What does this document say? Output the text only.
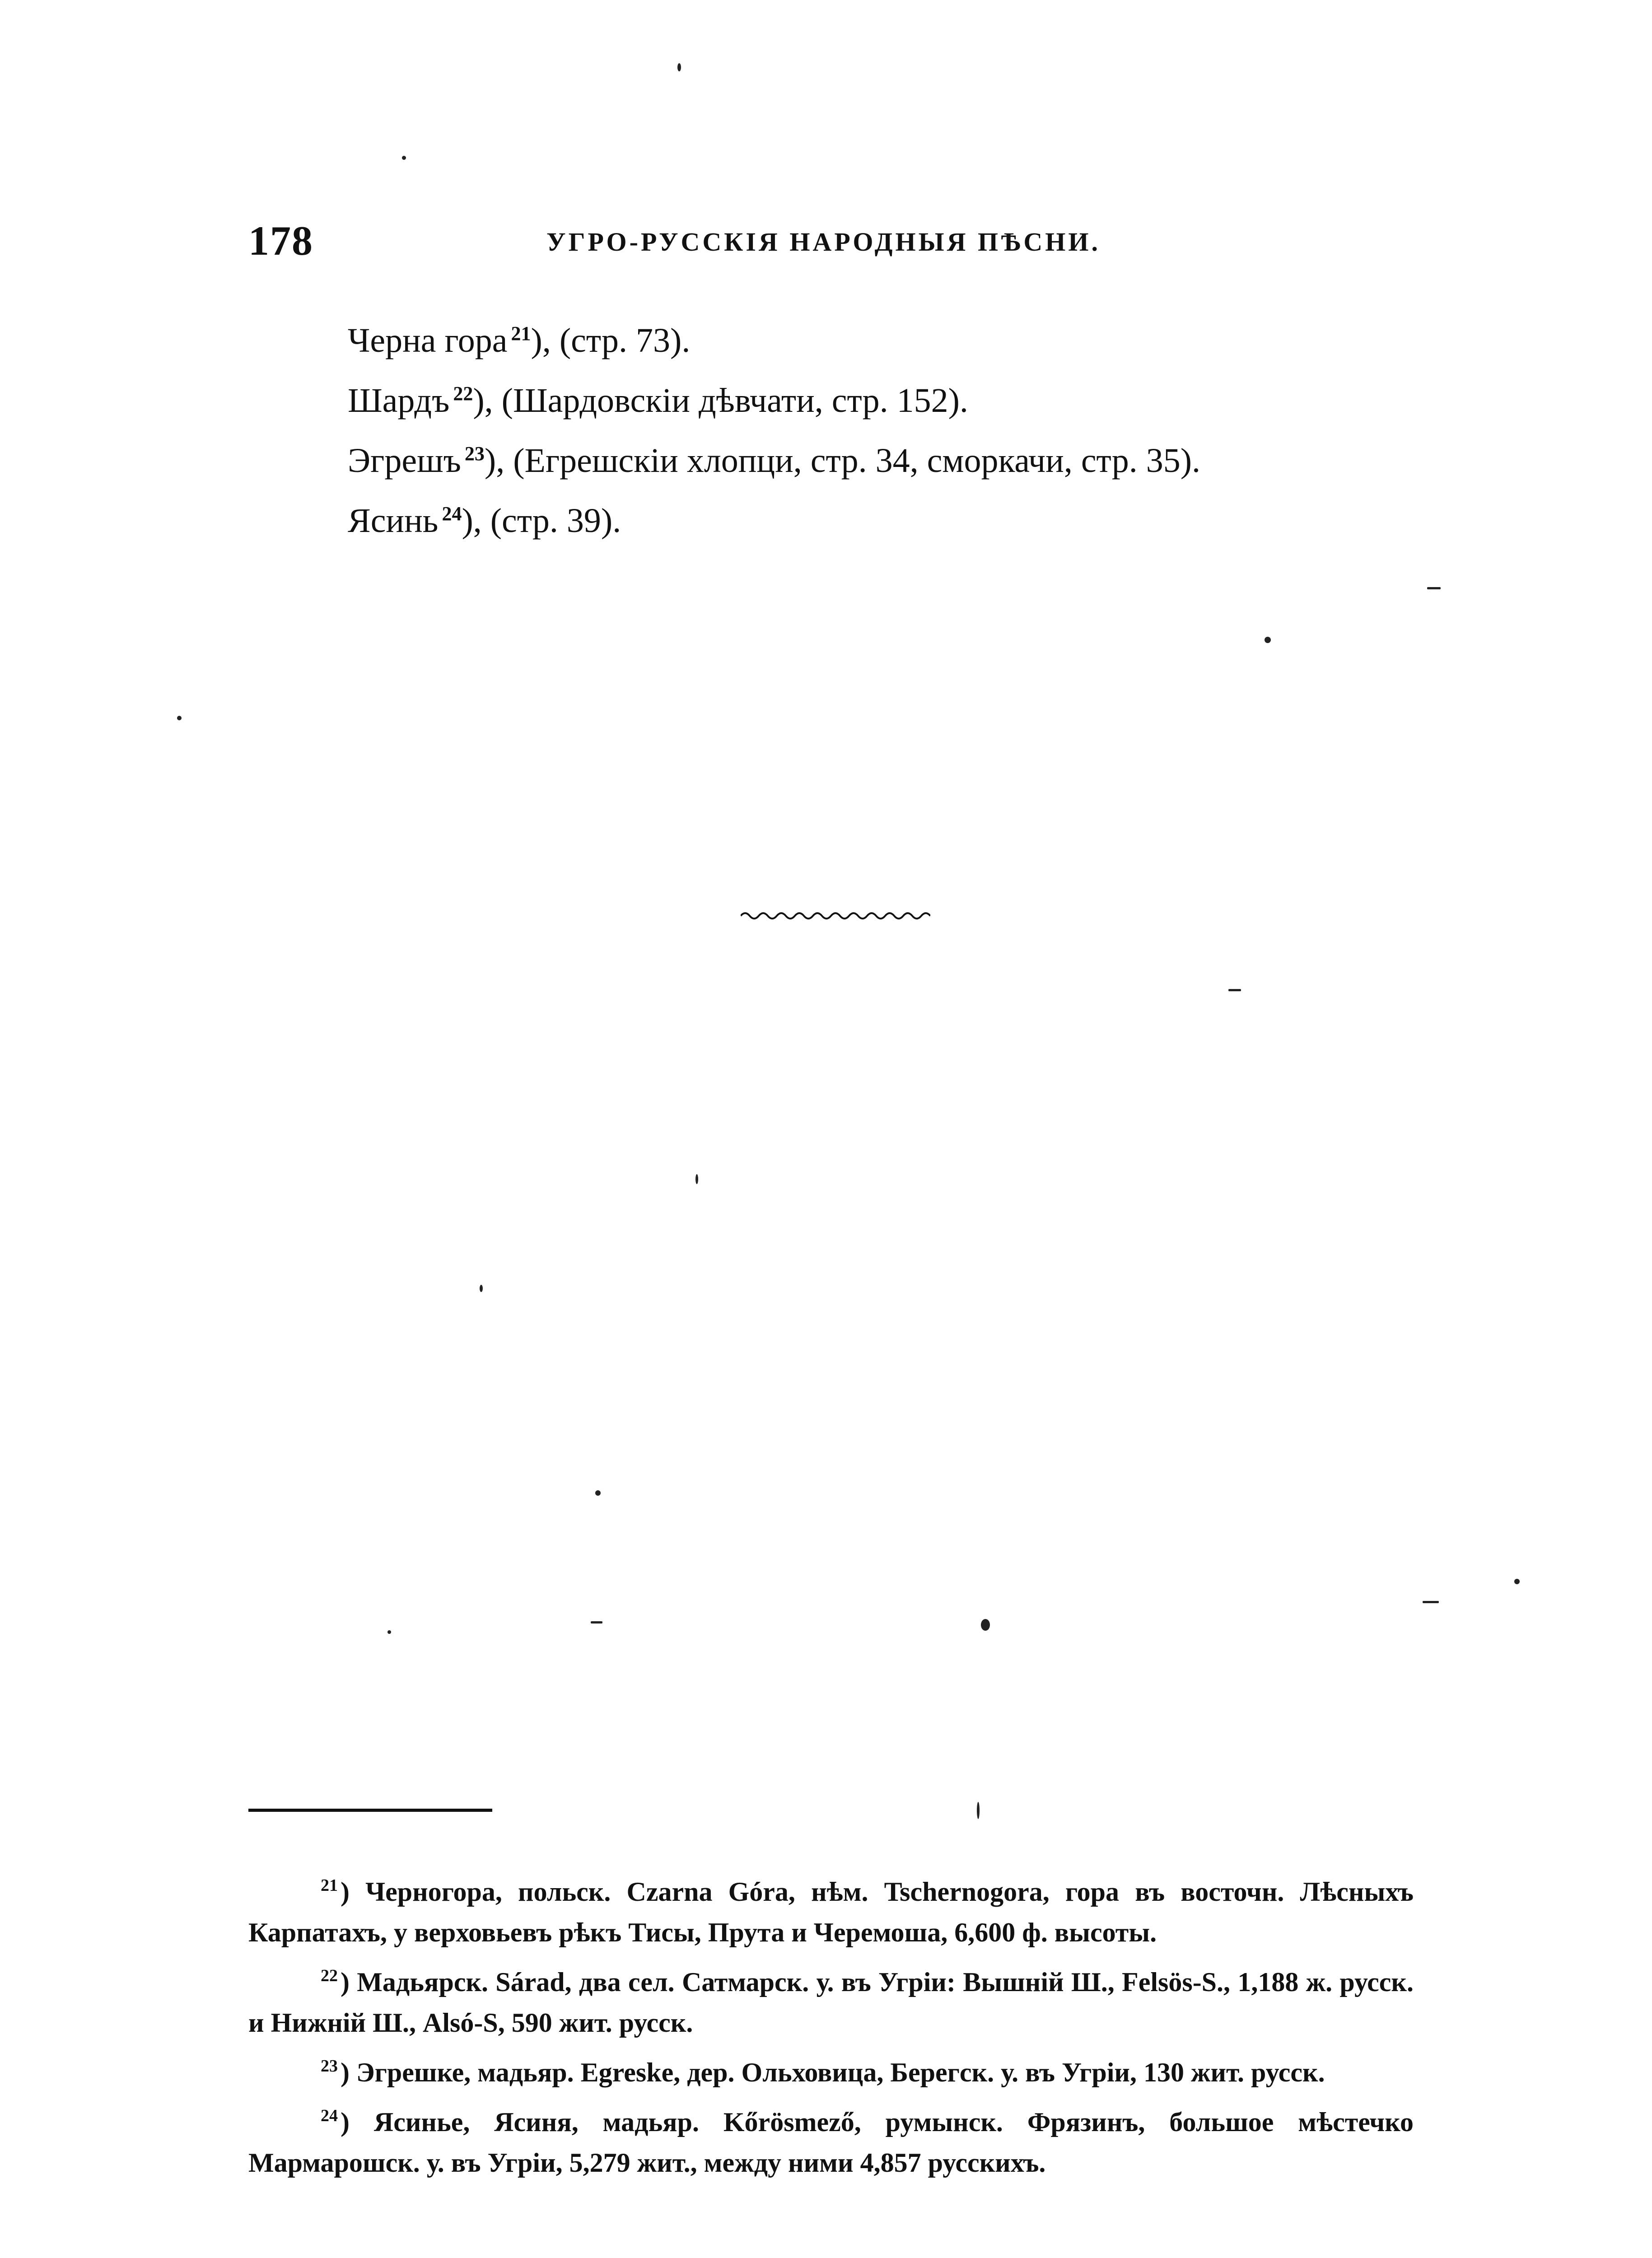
178	УГРО-РУССКІЯ НАРОДНЫЯ ПѢСНИ.
Черна гора $^{21}$), (стр. 73).
Шардъ $^{22}$), (Шардовскіи дѣвчати, стр. 152).
Эгрешъ $^{23}$), (Егрешскіи хлопци, стр. 34, сморкачи, стр. 35).
Ясинь $^{24}$), (стр. 39).

$^{21}$ ) Черногора, польск. Czarna Góra, нѣм. Tschernogora, гора въ восточн. Лѣсныхъ Карпатахъ, у верховьевъ рѣкъ Тисы, Прута и Черемоша, 6,600 ф. высоты.

$^{22}$ ) Мадьярск. Sárad, два сел. Сатмарск. у. въ Угріи: Вышній Ш., Felsös-S., 1,188 ж. русск. и Нижній Ш., Alsó-S, 590 жит. русск.

$^{23}$ ) Эгрешке, мадьяр. Egreske, дер. Ольховица, Берегск. у. въ Угріи, 130 жит. русск.

$^{24}$ ) Ясинье, Ясиня, мадьяр. Kőrösmező, румынск. Фрязинъ, большое мѣстечко Мармарошск. у. въ Угріи, 5,279 жит., между ними 4,857 русскихъ.
